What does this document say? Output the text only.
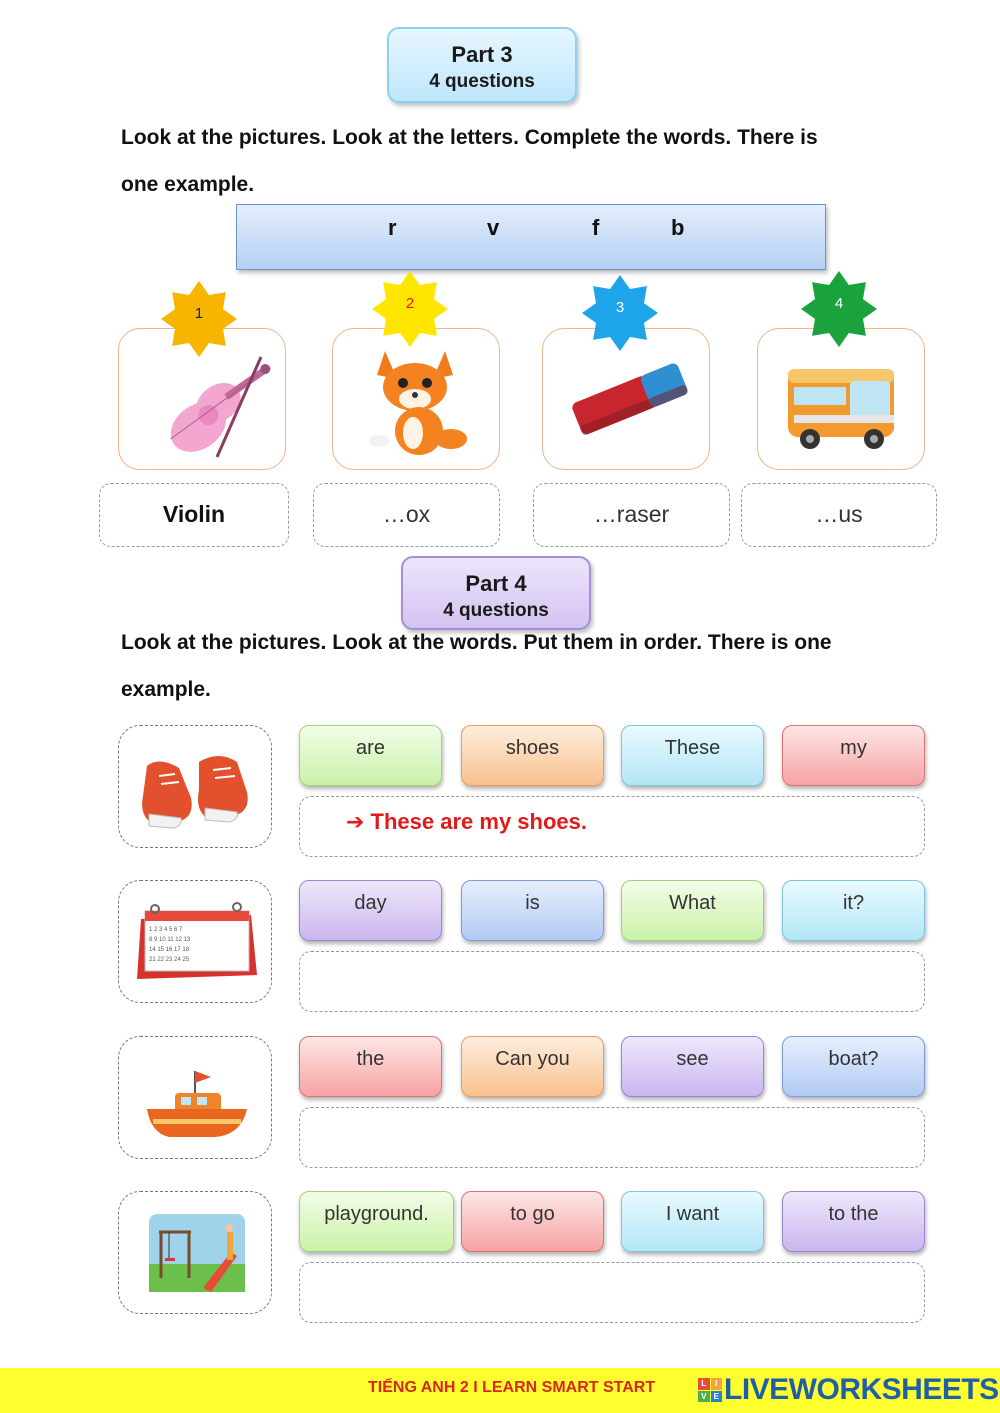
Part 3
4 questions
Look at the pictures. Look at the letters. Complete the words. There is
one example.
r	v	f	b
1
2	3	4
Violin	…ox	…raser	…us
Part 4
4 questions
Look at the pictures. Look at the words. Put them in order. There is one
example.
are	shoes	These	my
➔ These are my shoes.
1 2 3 4 5 6 7
8 9 10 11 12 13
14 15 16 17 18
21 22 23 24 25
day	is	What	it?
the	Can you	see	boat?
playground.	to go	I want	to the
TIẾNG ANH 2 I LEARN SMART START	L	I
V E LIVEWORKSHEETS
